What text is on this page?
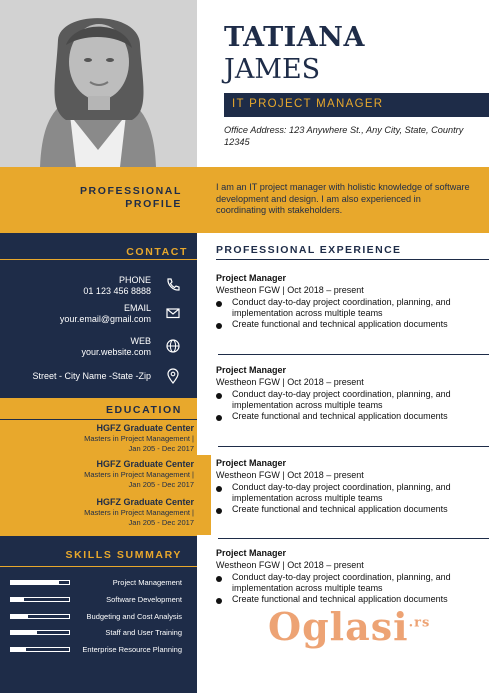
TATIANA
JAMES
IT PROJECT MANAGER
Office Address: 123 Anywhere St., Any City, State, Country 12345
PROFESSIONAL
PROFILE
I am an IT project manager with holistic knowledge of software development and design. I am also experienced in coordinating with stakeholders.
CONTACT
PHONE
01 123 456 8888
EMAIL
your.email@gmail.com
WEB
your.website.com
Street - City Name -State -Zip
EDUCATION
HGFZ Graduate Center
Masters in Project Management |
Jan 205 - Dec 2017
HGFZ Graduate Center
Masters in Project Management |
Jan 205 - Dec 2017
HGFZ Graduate Center
Masters in Project Management |
Jan 205 - Dec 2017
SKILLS SUMMARY
Project Management
Software Development
Budgeting and Cost Analysis
Staff and User Training
Enterprise Resource Planning
PROFESSIONAL EXPERIENCE
Project Manager
Westheon FGW | Oct 2018 – present
Conduct day-to-day project coordination, planning, and implementation across multiple teams
Create functional and technical application documents
Project Manager
Westheon FGW | Oct 2018 – present
Conduct day-to-day project coordination, planning, and implementation across multiple teams
Create functional and technical application documents
Project Manager
Westheon FGW | Oct 2018 – present
Conduct day-to-day project coordination, planning, and implementation across multiple teams
Create functional and technical application documents
Project Manager
Westheon FGW | Oct 2018 – present
Conduct day-to-day project coordination, planning, and implementation across multiple teams
Create functional and technical application documents
Oglasi$^{.rs}$
